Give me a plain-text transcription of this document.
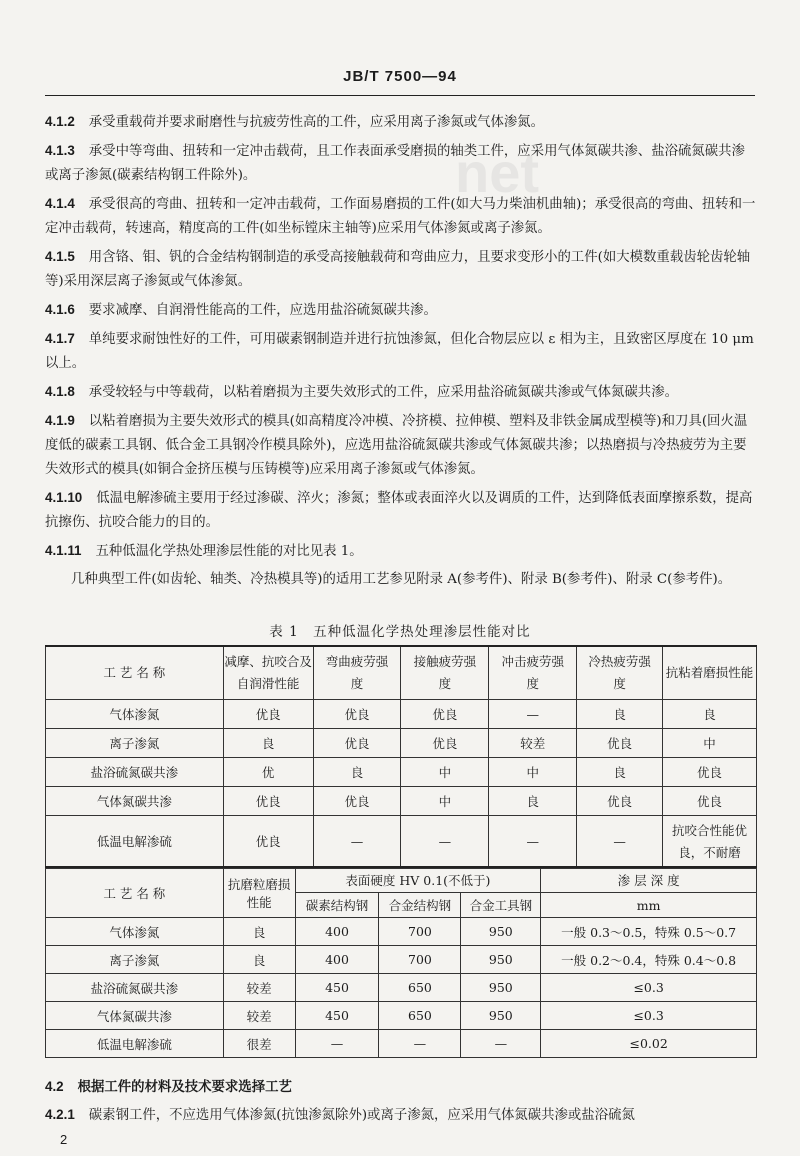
net
JB/T 7500—94

4.1.2 承受重载荷并要求耐磨性与抗疲劳性高的工件，应采用离子渗氮或气体渗氮。

4.1.3 承受中等弯曲、扭转和一定冲击载荷，且工作表面承受磨损的轴类工件，应采用气体氮碳共渗、盐浴硫氮碳共渗或离子渗氮(碳素结构钢工件除外)。

4.1.4 承受很高的弯曲、扭转和一定冲击载荷，工作面易磨损的工件(如大马力柴油机曲轴)；承受很高的弯曲、扭转和一定冲击载荷，转速高，精度高的工件(如坐标镗床主轴等)应采用气体渗氮或离子渗氮。

4.1.5 用含铬、钼、钒的合金结构钢制造的承受高接触载荷和弯曲应力，且要求变形小的工件(如大模数重载齿轮齿轮轴等)采用深层离子渗氮或气体渗氮。

4.1.6 要求减摩、自润滑性能高的工件，应选用盐浴硫氮碳共渗。

4.1.7 单纯要求耐蚀性好的工件，可用碳素钢制造并进行抗蚀渗氮，但化合物层应以 ε 相为主，且致密区厚度在 10 μm 以上。

4.1.8 承受较轻与中等载荷，以粘着磨损为主要失效形式的工件，应采用盐浴硫氮碳共渗或气体氮碳共渗。

4.1.9 以粘着磨损为主要失效形式的模具(如高精度冷冲模、冷挤模、拉伸模、塑料及非铁金属成型模等)和刀具(回火温度低的碳素工具钢、低合金工具钢冷作模具除外)，应选用盐浴硫氮碳共渗或气体氮碳共渗；以热磨损与冷热疲劳为主要失效形式的模具(如铜合金挤压模与压铸模等)应采用离子渗氮或气体渗氮。

4.1.10 低温电解渗硫主要用于经过渗碳、淬火；渗氮；整体或表面淬火以及调质的工件，达到降低表面摩擦系数，提高抗擦伤、抗咬合能力的目的。

4.1.11 五种低温化学热处理渗层性能的对比见表 1。

几种典型工件(如齿轮、轴类、冷热模具等)的适用工艺参见附录 A(参考件)、附录 B(参考件)、附录 C(参考件)。

表 1　五种低温化学热处理渗层性能对比
工 艺 名 称	减摩、抗咬合及自润滑性能	弯曲疲劳强　度	接触疲劳强　度	冲击疲劳强　度	冷热疲劳强　度	抗粘着磨损性能
气体渗氮	优良	优良	优良	—	良	良
离子渗氮	良	优良	优良	较差	优良	中
盐浴硫氮碳共渗	优	良	中	中	良	优良
气体氮碳共渗	优良	优良	中	良	优良	优良
低温电解渗硫	优良	—	—	—	—	抗咬合性能优良，不耐磨
工 艺 名 称	抗磨粒磨损性能	表面硬度 HV 0.1(不低于)			渗 层 深 度
		碳素结构钢	合金结构钢	合金工具钢	mm
气体渗氮	良	400	700	950	一般 0.3～0.5，特殊 0.5～0.7
离子渗氮	良	400	700	950	一般 0.2～0.4，特殊 0.4～0.8
盐浴硫氮碳共渗	较差	450	650	950	≤0.3
气体氮碳共渗	较差	450	650	950	≤0.3
低温电解渗硫	很差	—	—	—	≤0.02

4.2 根据工件的材料及技术要求选择工艺

4.2.1 碳素钢工件，不应选用气体渗氮(抗蚀渗氮除外)或离子渗氮，应采用气体氮碳共渗或盐浴硫氮

2
